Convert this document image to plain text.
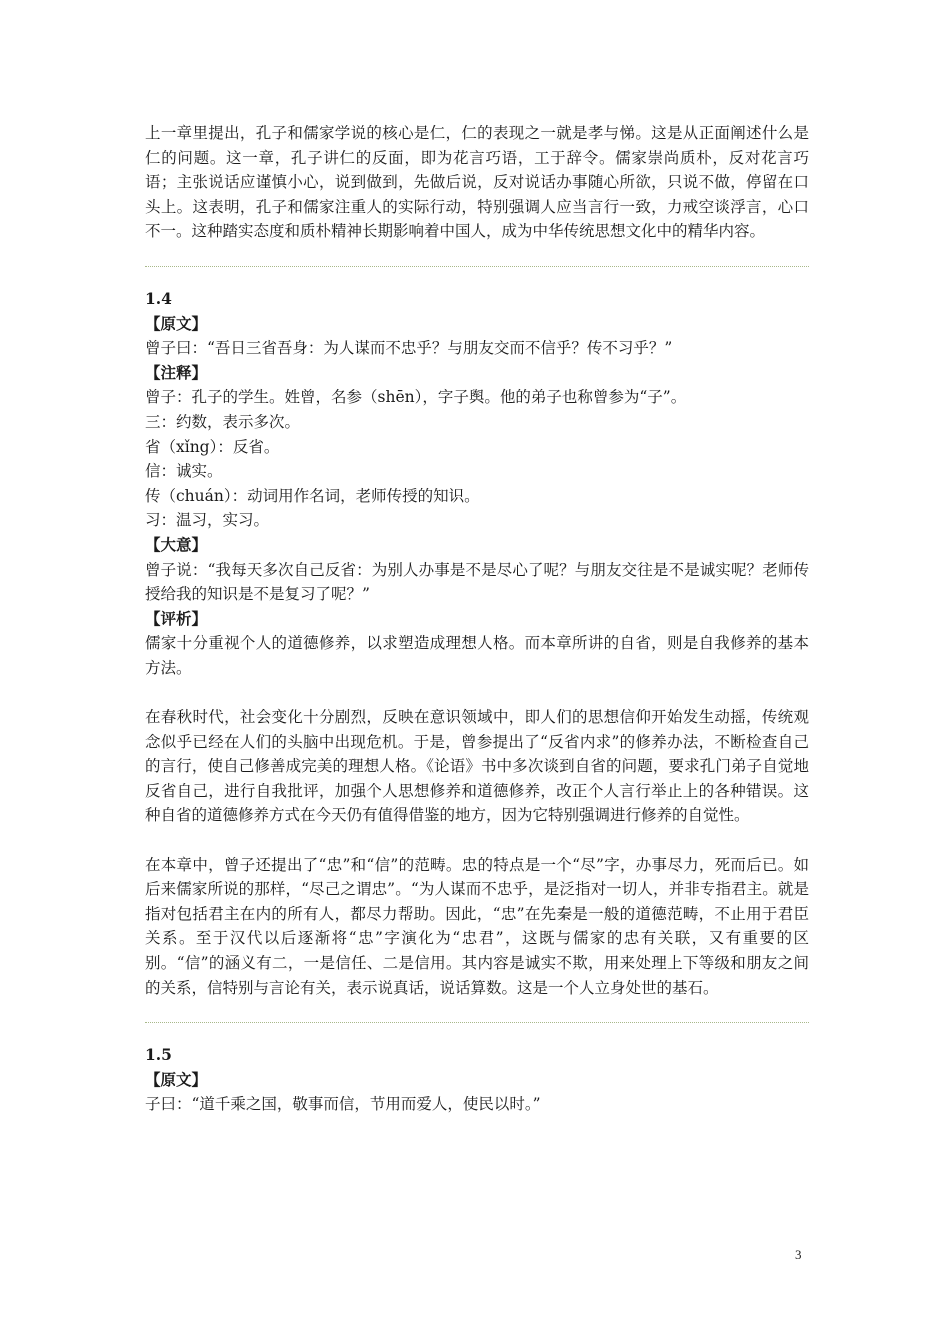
上一章里提出，孔子和儒家学说的核心是仁，仁的表现之一就是孝与悌。这是从正面阐述什么是仁的问题。这一章，孔子讲仁的反面，即为花言巧语，工于辞令。儒家崇尚质朴，反对花言巧语；主张说话应谨慎小心，说到做到，先做后说，反对说话办事随心所欲，只说不做，停留在口头上。这表明，孔子和儒家注重人的实际行动，特别强调人应当言行一致，力戒空谈浮言，心口不一。这种踏实态度和质朴精神长期影响着中国人，成为中华传统思想文化中的精华内容。

1.4

【原文】

曾子曰：“吾日三省吾身：为人谋而不忠乎？与朋友交而不信乎？传不习乎？”

【注释】

曾子：孔子的学生。姓曾，名参（shēn），字子舆。他的弟子也称曾参为“子”。

三：约数，表示多次。

省（xǐng）：反省。

信：诚实。

传（chuán）：动词用作名词，老师传授的知识。

习：温习，实习。

【大意】

曾子说：“我每天多次自己反省：为别人办事是不是尽心了呢？与朋友交往是不是诚实呢？老师传授给我的知识是不是复习了呢？”

【评析】

儒家十分重视个人的道德修养，以求塑造成理想人格。而本章所讲的自省，则是自我修养的基本方法。

在春秋时代，社会变化十分剧烈，反映在意识领域中，即人们的思想信仰开始发生动摇，传统观念似乎已经在人们的头脑中出现危机。于是，曾参提出了“反省内求”的修养办法，不断检查自己的言行，使自己修善成完美的理想人格。《论语》书中多次谈到自省的问题，要求孔门弟子自觉地反省自己，进行自我批评，加强个人思想修养和道德修养，改正个人言行举止上的各种错误。这种自省的道德修养方式在今天仍有值得借鉴的地方，因为它特别强调进行修养的自觉性。

在本章中，曾子还提出了“忠”和“信”的范畴。忠的特点是一个“尽”字，办事尽力，死而后已。如后来儒家所说的那样，“尽己之谓忠”。“为人谋而不忠乎，是泛指对一切人，并非专指君主。就是指对包括君主在内的所有人，都尽力帮助。因此，“忠”在先秦是一般的道德范畴，不止用于君臣关系。至于汉代以后逐渐将“忠”字演化为“忠君”，这既与儒家的忠有关联，又有重要的区别。“信”的涵义有二，一是信任、二是信用。其内容是诚实不欺，用来处理上下等级和朋友之间的关系，信特别与言论有关，表示说真话，说话算数。这是一个人立身处世的基石。

1.5

【原文】

子曰：“道千乘之国，敬事而信，节用而爱人，使民以时。”

3
